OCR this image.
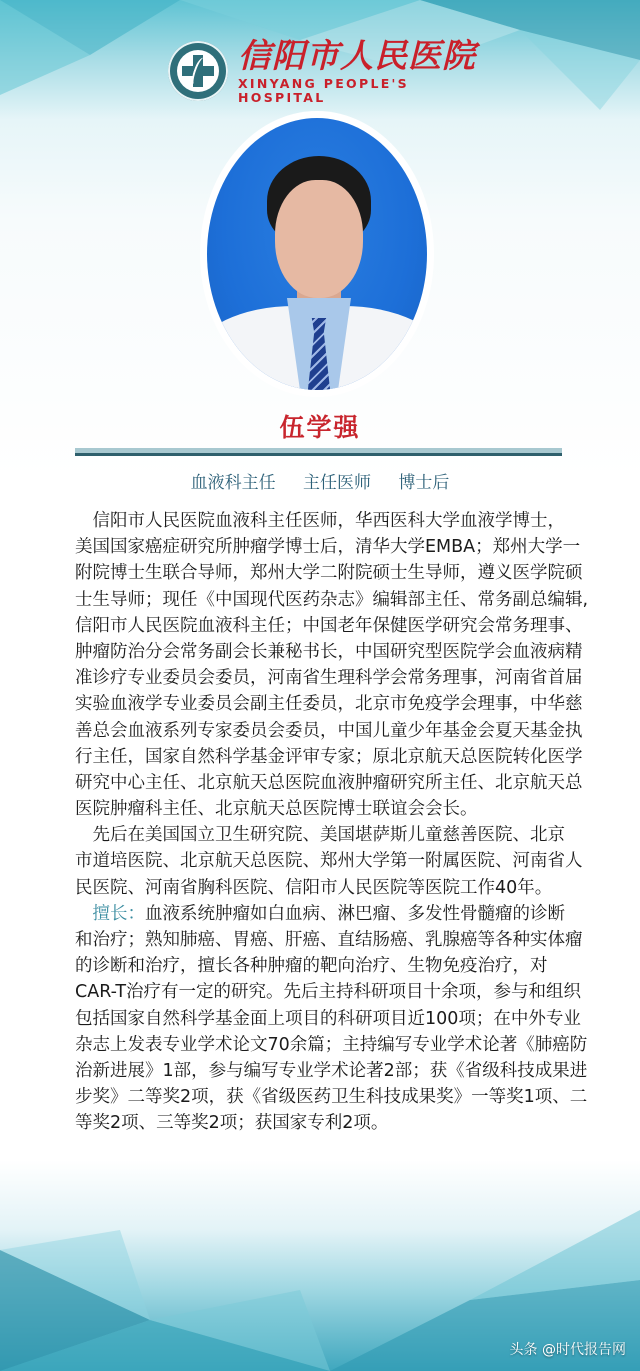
信阳市人民医院
XINYANG PEOPLE'S HOSPITAL
伍学强
血液科主任 主任医师 博士后
　信阳市人民医院血液科主任医师，华西医科大学血液学博士，
美国国家癌症研究所肿瘤学博士后，清华大学EMBA；郑州大学一
附院博士生联合导师，郑州大学二附院硕士生导师，遵义医学院硕
士生导师；现任《中国现代医药杂志》编辑部主任、常务副总编辑,
信阳市人民医院血液科主任；中国老年保健医学研究会常务理事、
肿瘤防治分会常务副会长兼秘书长，中国研究型医院学会血液病精
准诊疗专业委员会委员，河南省生理科学会常务理事，河南省首届
实验血液学专业委员会副主任委员，北京市免疫学会理事，中华慈
善总会血液系列专家委员会委员，中国儿童少年基金会夏天基金执
行主任，国家自然科学基金评审专家；原北京航天总医院转化医学
研究中心主任、北京航天总医院血液肿瘤研究所主任、北京航天总
医院肿瘤科主任、北京航天总医院博士联谊会会长。
　先后在美国国立卫生研究院、美国堪萨斯儿童慈善医院、北京
市道培医院、北京航天总医院、郑州大学第一附属医院、河南省人
民医院、河南省胸科医院、信阳市人民医院等医院工作40年。
　擅长：血液系统肿瘤如白血病、淋巴瘤、多发性骨髓瘤的诊断
和治疗；熟知肺癌、胃癌、肝癌、直结肠癌、乳腺癌等各种实体瘤
的诊断和治疗，擅长各种肿瘤的靶向治疗、生物免疫治疗，对
CAR-T治疗有一定的研究。先后主持科研项目十余项，参与和组织
包括国家自然科学基金面上项目的科研项目近100项；在中外专业
杂志上发表专业学术论文70余篇；主持编写专业学术论著《肺癌防
治新进展》1部，参与编写专业学术论著2部；获《省级科技成果进
步奖》二等奖2项，获《省级医药卫生科技成果奖》一等奖1项、二
等奖2项、三等奖2项；获国家专利2项。
头条 @时代报告网
